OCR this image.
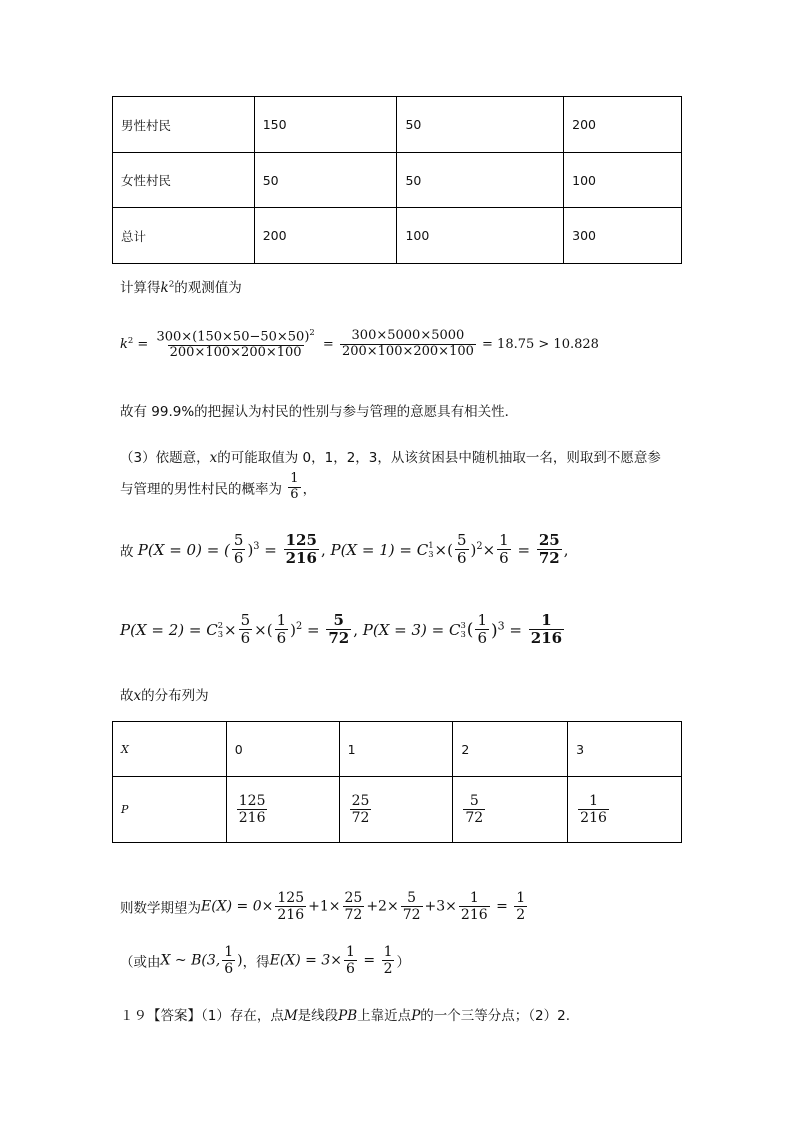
男性村民	150	50	200
女性村民	50	50	100
总计	200	100	300
计算得$k^2$的观测值为
$k^2 = \frac{300\times(150\times 50-50\times 50)^2}{200\times 100\times 200\times 100} = \frac{300\times 5000\times 5000}{200\times 100\times 200\times 100} = 18.75 > 10.828$
故有 99.9%的把握认为村民的性别与参与管理的意愿具有相关性．
（3）依题意，x的可能取值为 0，1，2，3，从该贫困县中随机抽取一名，则取到不愿意参
与管理的男性村民的概率为 $\frac{1}{6}$ ，
故 P(X = 0) = ( $\frac{5}{6} )^3 = \frac{125}{216}$ , P(X = 1) = C 1
3 ×( $\frac{5}{6} )^2\times \frac{1}{6} = \frac{25}{72}$ ,
P(X = 2) = C 2
$3 \times \frac{5}{6}$ ×( $\frac{1}{6} )^2 = \frac{5}{72}$ , P(X = 3) = C 3
3 ( $\frac{1}{6} )^3 = \frac{1}{216}$
故x的分布列为
X	0	1	2	3
P	$\frac{125}{216}$	$\frac{25}{72}$	$\frac{5}{72}$	$\frac{1}{216}$
则数学期望为$E(X) = 0\times \frac{125}{216} +1\times \frac{25}{72} +2\times \frac{5}{72} +3\times \frac{1}{216} = \frac{1}{2}$
（或由X ~ B(3, $\frac{1}{6}$ )，得$E(X) = 3\times \frac{1}{6} = \frac{1}{2}$ ）
１９【答案】（1）存在，点M是线段PB上靠近点P的一个三等分点；（2）2.
